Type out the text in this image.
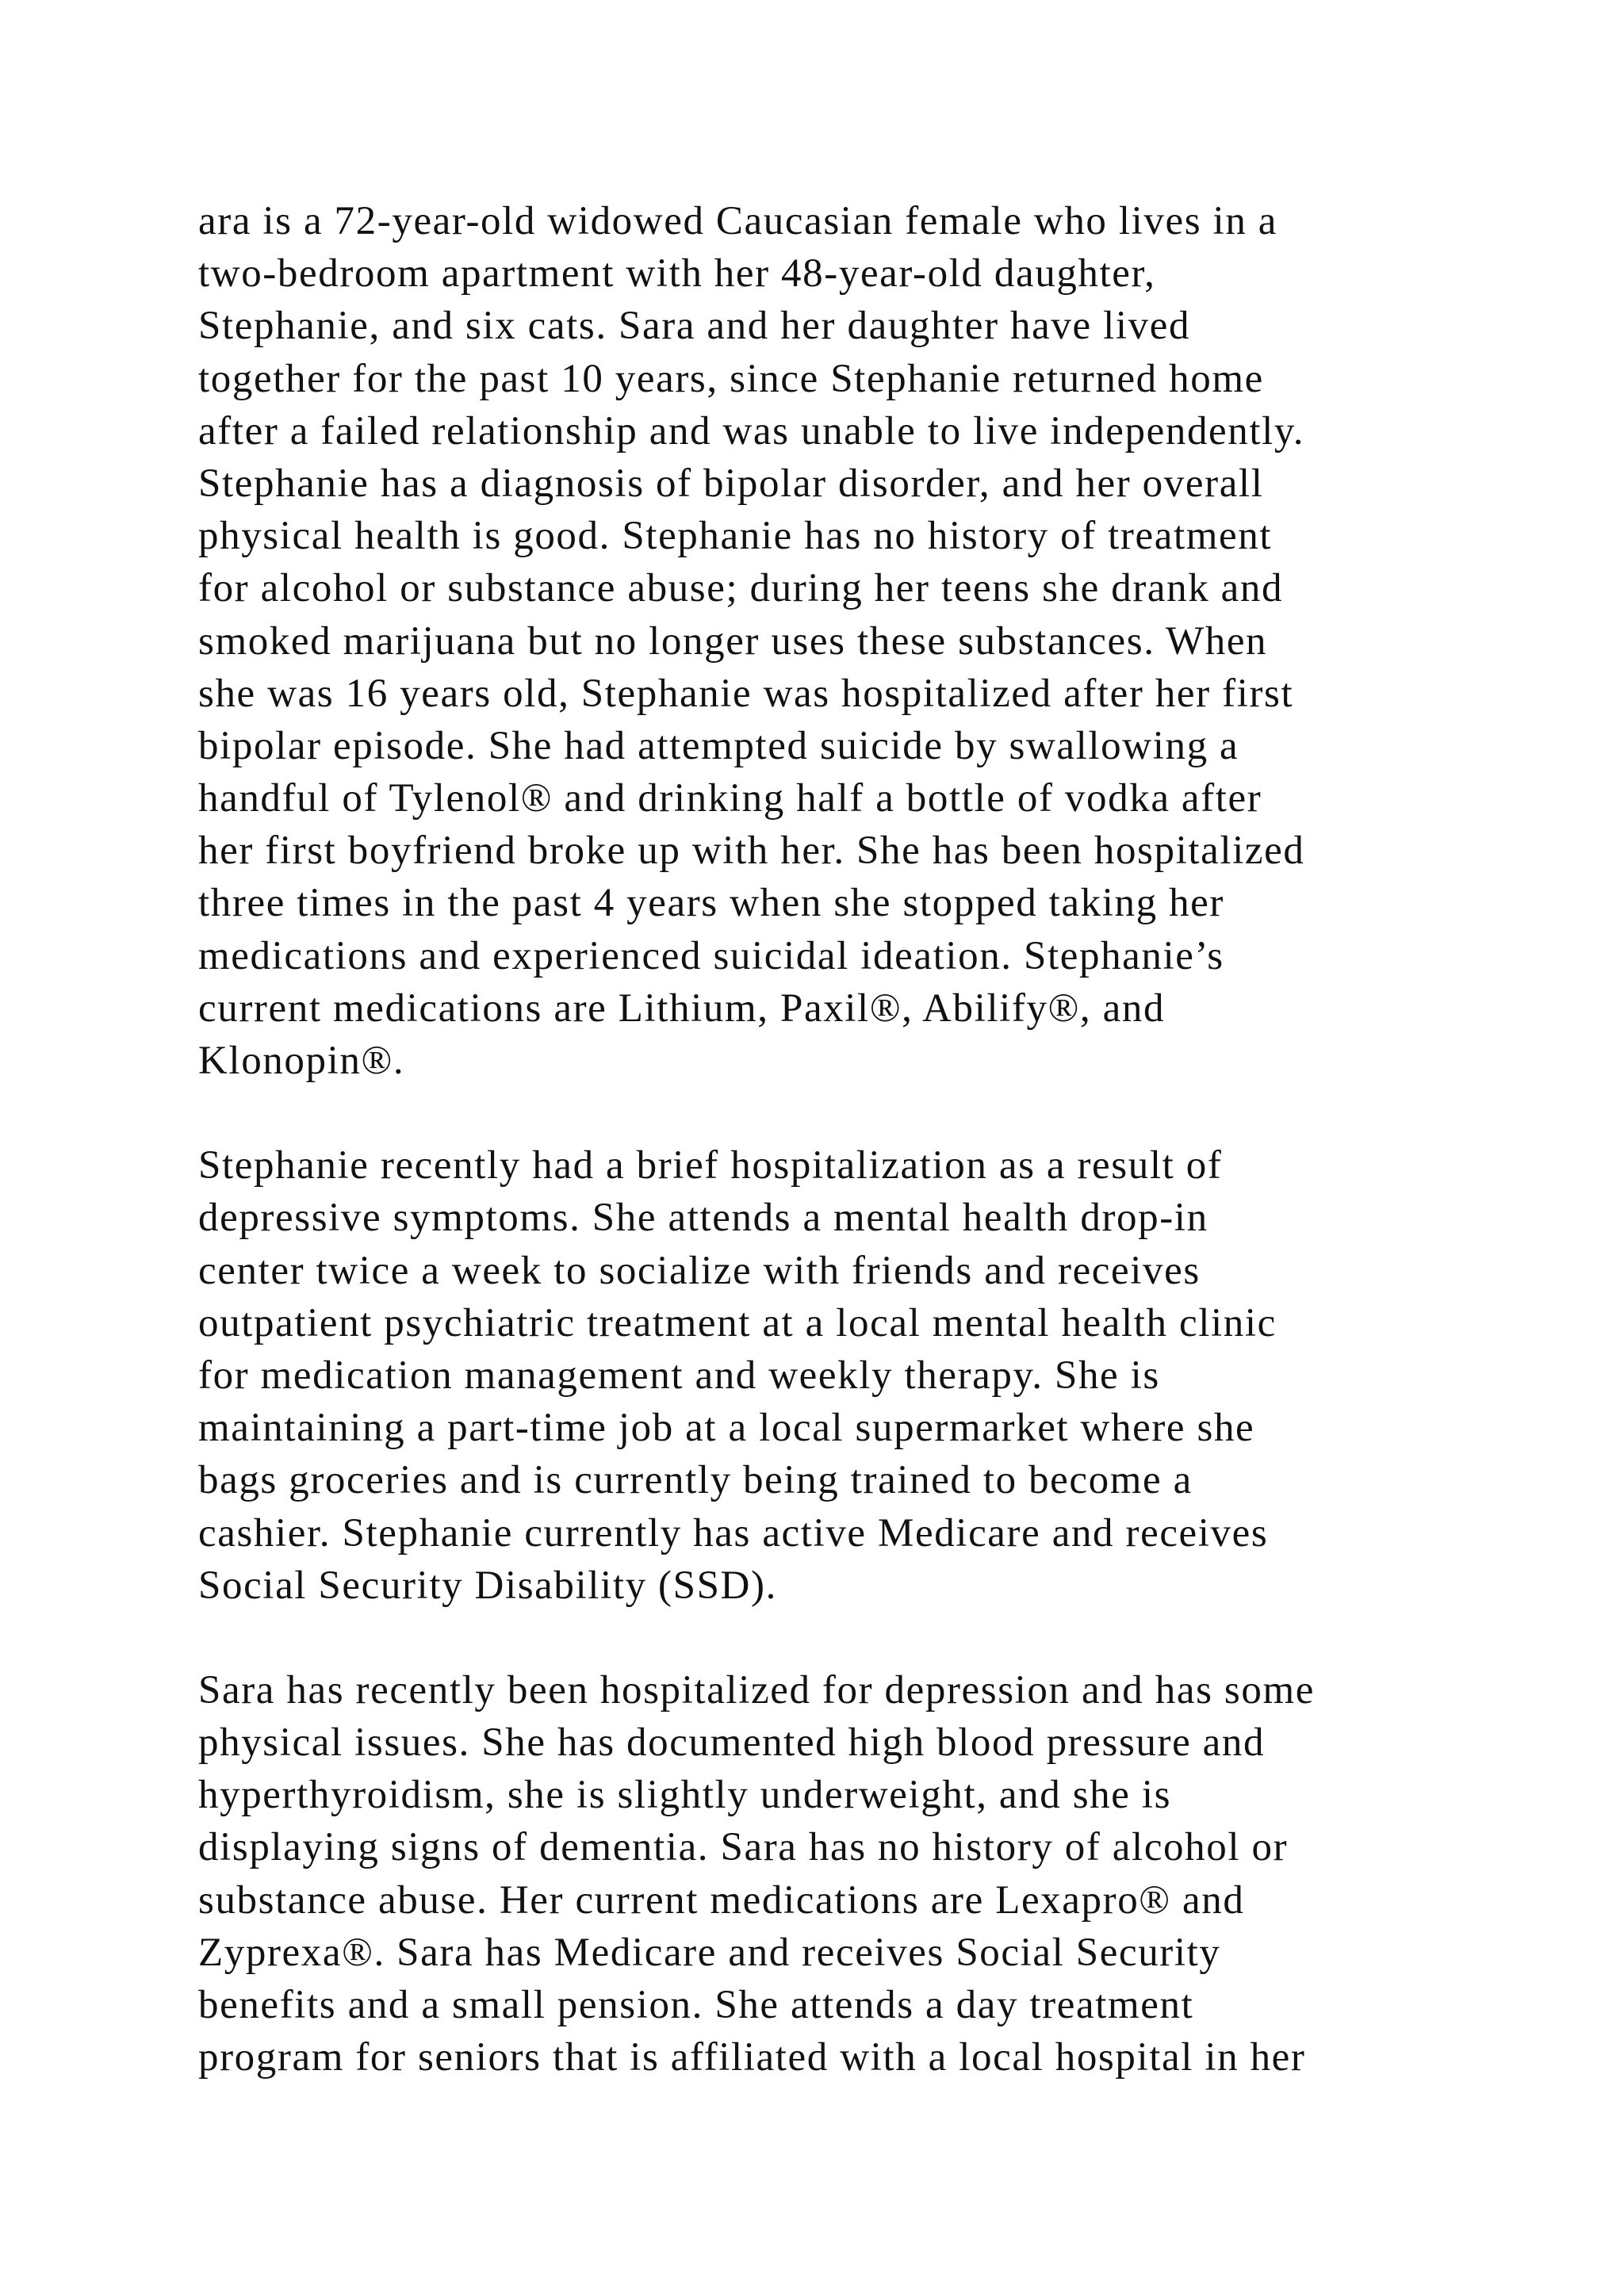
ara is a 72-year-old widowed Caucasian female who lives in a
two-bedroom apartment with her 48-year-old daughter,
Stephanie, and six cats. Sara and her daughter have lived
together for the past 10 years, since Stephanie returned home
after a failed relationship and was unable to live independently.
Stephanie has a diagnosis of bipolar disorder, and her overall
physical health is good. Stephanie has no history of treatment
for alcohol or substance abuse; during her teens she drank and
smoked marijuana but no longer uses these substances. When
she was 16 years old, Stephanie was hospitalized after her first
bipolar episode. She had attempted suicide by swallowing a
handful of Tylenol® and drinking half a bottle of vodka after
her first boyfriend broke up with her. She has been hospitalized
three times in the past 4 years when she stopped taking her
medications and experienced suicidal ideation. Stephanie’s
current medications are Lithium, Paxil®, Abilify®, and
Klonopin®.

Stephanie recently had a brief hospitalization as a result of
depressive symptoms. She attends a mental health drop-in
center twice a week to socialize with friends and receives
outpatient psychiatric treatment at a local mental health clinic
for medication management and weekly therapy. She is
maintaining a part-time job at a local supermarket where she
bags groceries and is currently being trained to become a
cashier. Stephanie currently has active Medicare and receives
Social Security Disability (SSD).

Sara has recently been hospitalized for depression and has some
physical issues. She has documented high blood pressure and
hyperthyroidism, she is slightly underweight, and she is
displaying signs of dementia. Sara has no history of alcohol or
substance abuse. Her current medications are Lexapro® and
Zyprexa®. Sara has Medicare and receives Social Security
benefits and a small pension. She attends a day treatment
program for seniors that is affiliated with a local hospital in her
